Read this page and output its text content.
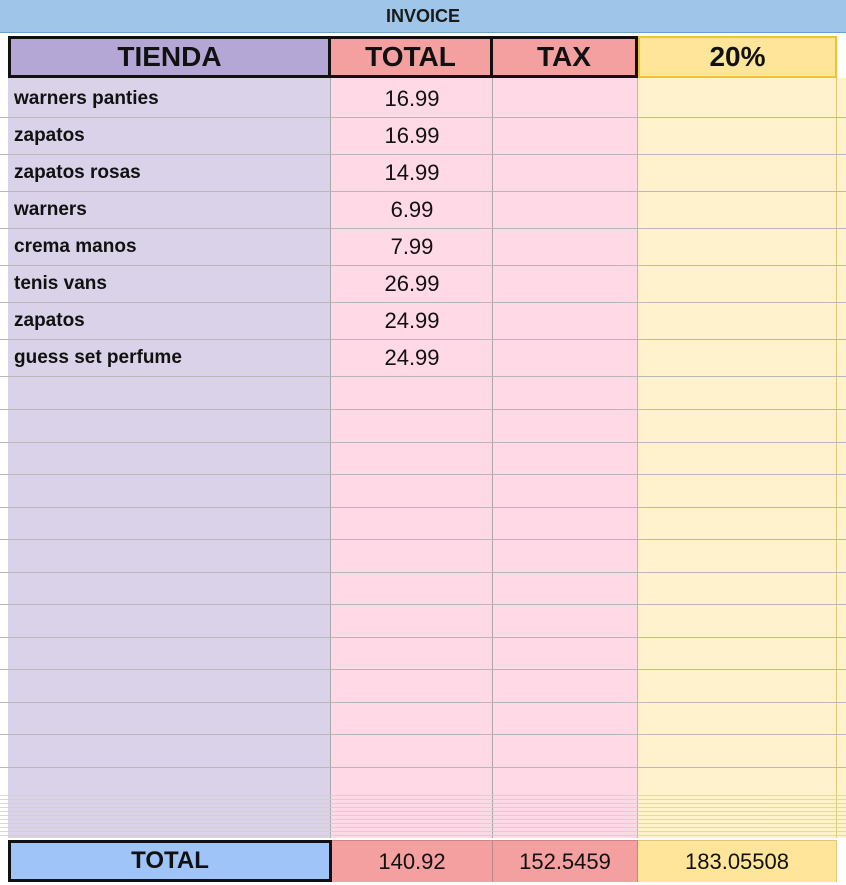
INVOICE
TIENDA	TOTAL	TAX	20%
warners panties	16.99
zapatos	16.99
zapatos rosas	14.99
warners	6.99
crema manos	7.99
tenis vans	26.99
zapatos	24.99
guess set perfume	24.99
TOTAL	140.92	152.5459	183.05508
